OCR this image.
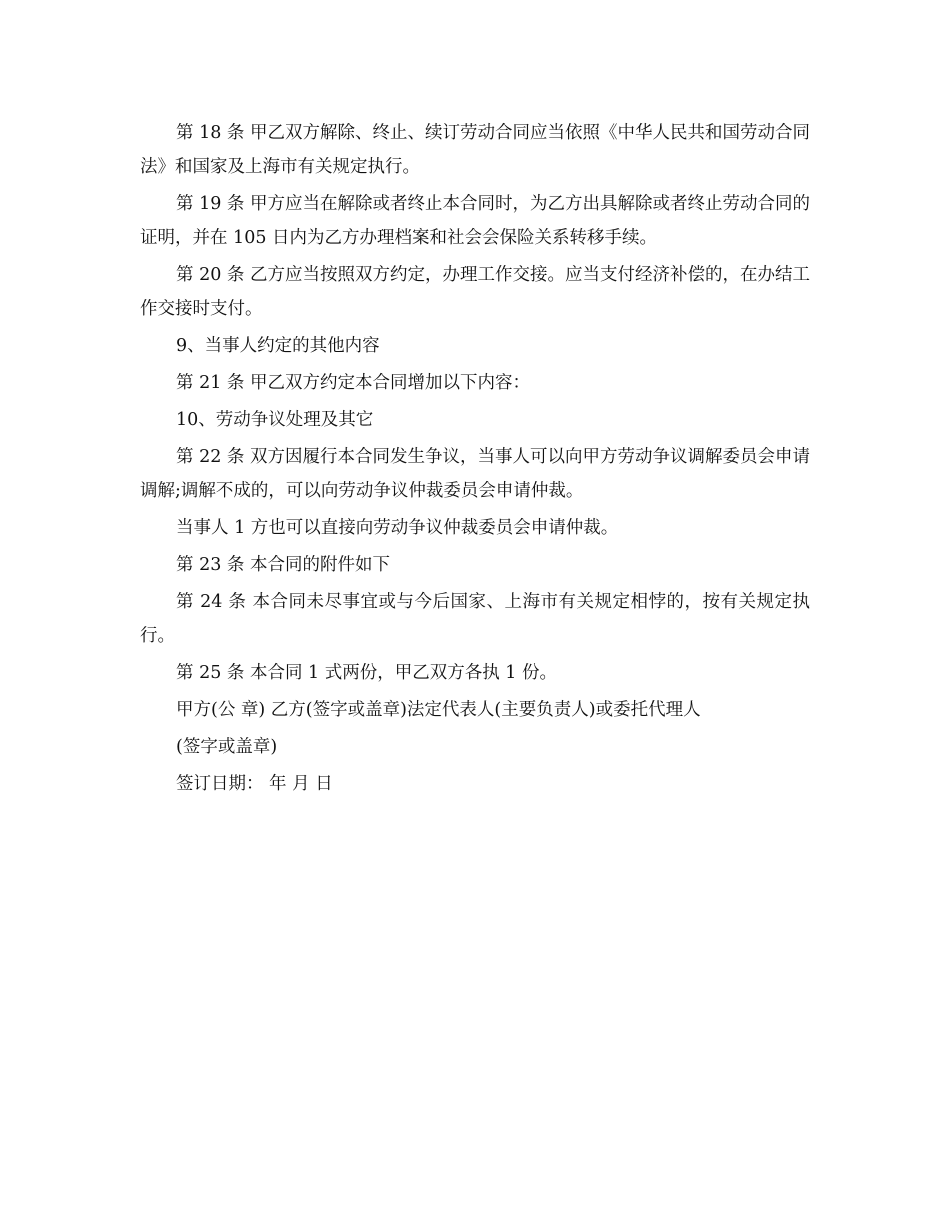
第 18 条 甲乙双方解除、终止、续订劳动合同应当依照《中华人民共和国劳动合同法》和国家及上海市有关规定执行。

第 19 条 甲方应当在解除或者终止本合同时，为乙方出具解除或者终止劳动合同的证明，并在 105 日内为乙方办理档案和社会会保险关系转移手续。

第 20 条 乙方应当按照双方约定，办理工作交接。应当支付经济补偿的，在办结工作交接时支付。

9、当事人约定的其他内容

第 21 条 甲乙双方约定本合同增加以下内容：

10、劳动争议处理及其它

第 22 条 双方因履行本合同发生争议，当事人可以向甲方劳动争议调解委员会申请调解;调解不成的，可以向劳动争议仲裁委员会申请仲裁。

当事人 1 方也可以直接向劳动争议仲裁委员会申请仲裁。

第 23 条 本合同的附件如下

第 24 条 本合同未尽事宜或与今后国家、上海市有关规定相悖的，按有关规定执行。

第 25 条 本合同 1 式两份，甲乙双方各执 1 份。

甲方(公 章) 乙方(签字或盖章)法定代表人(主要负责人)或委托代理人

(签字或盖章)

签订日期： 年 月 日
